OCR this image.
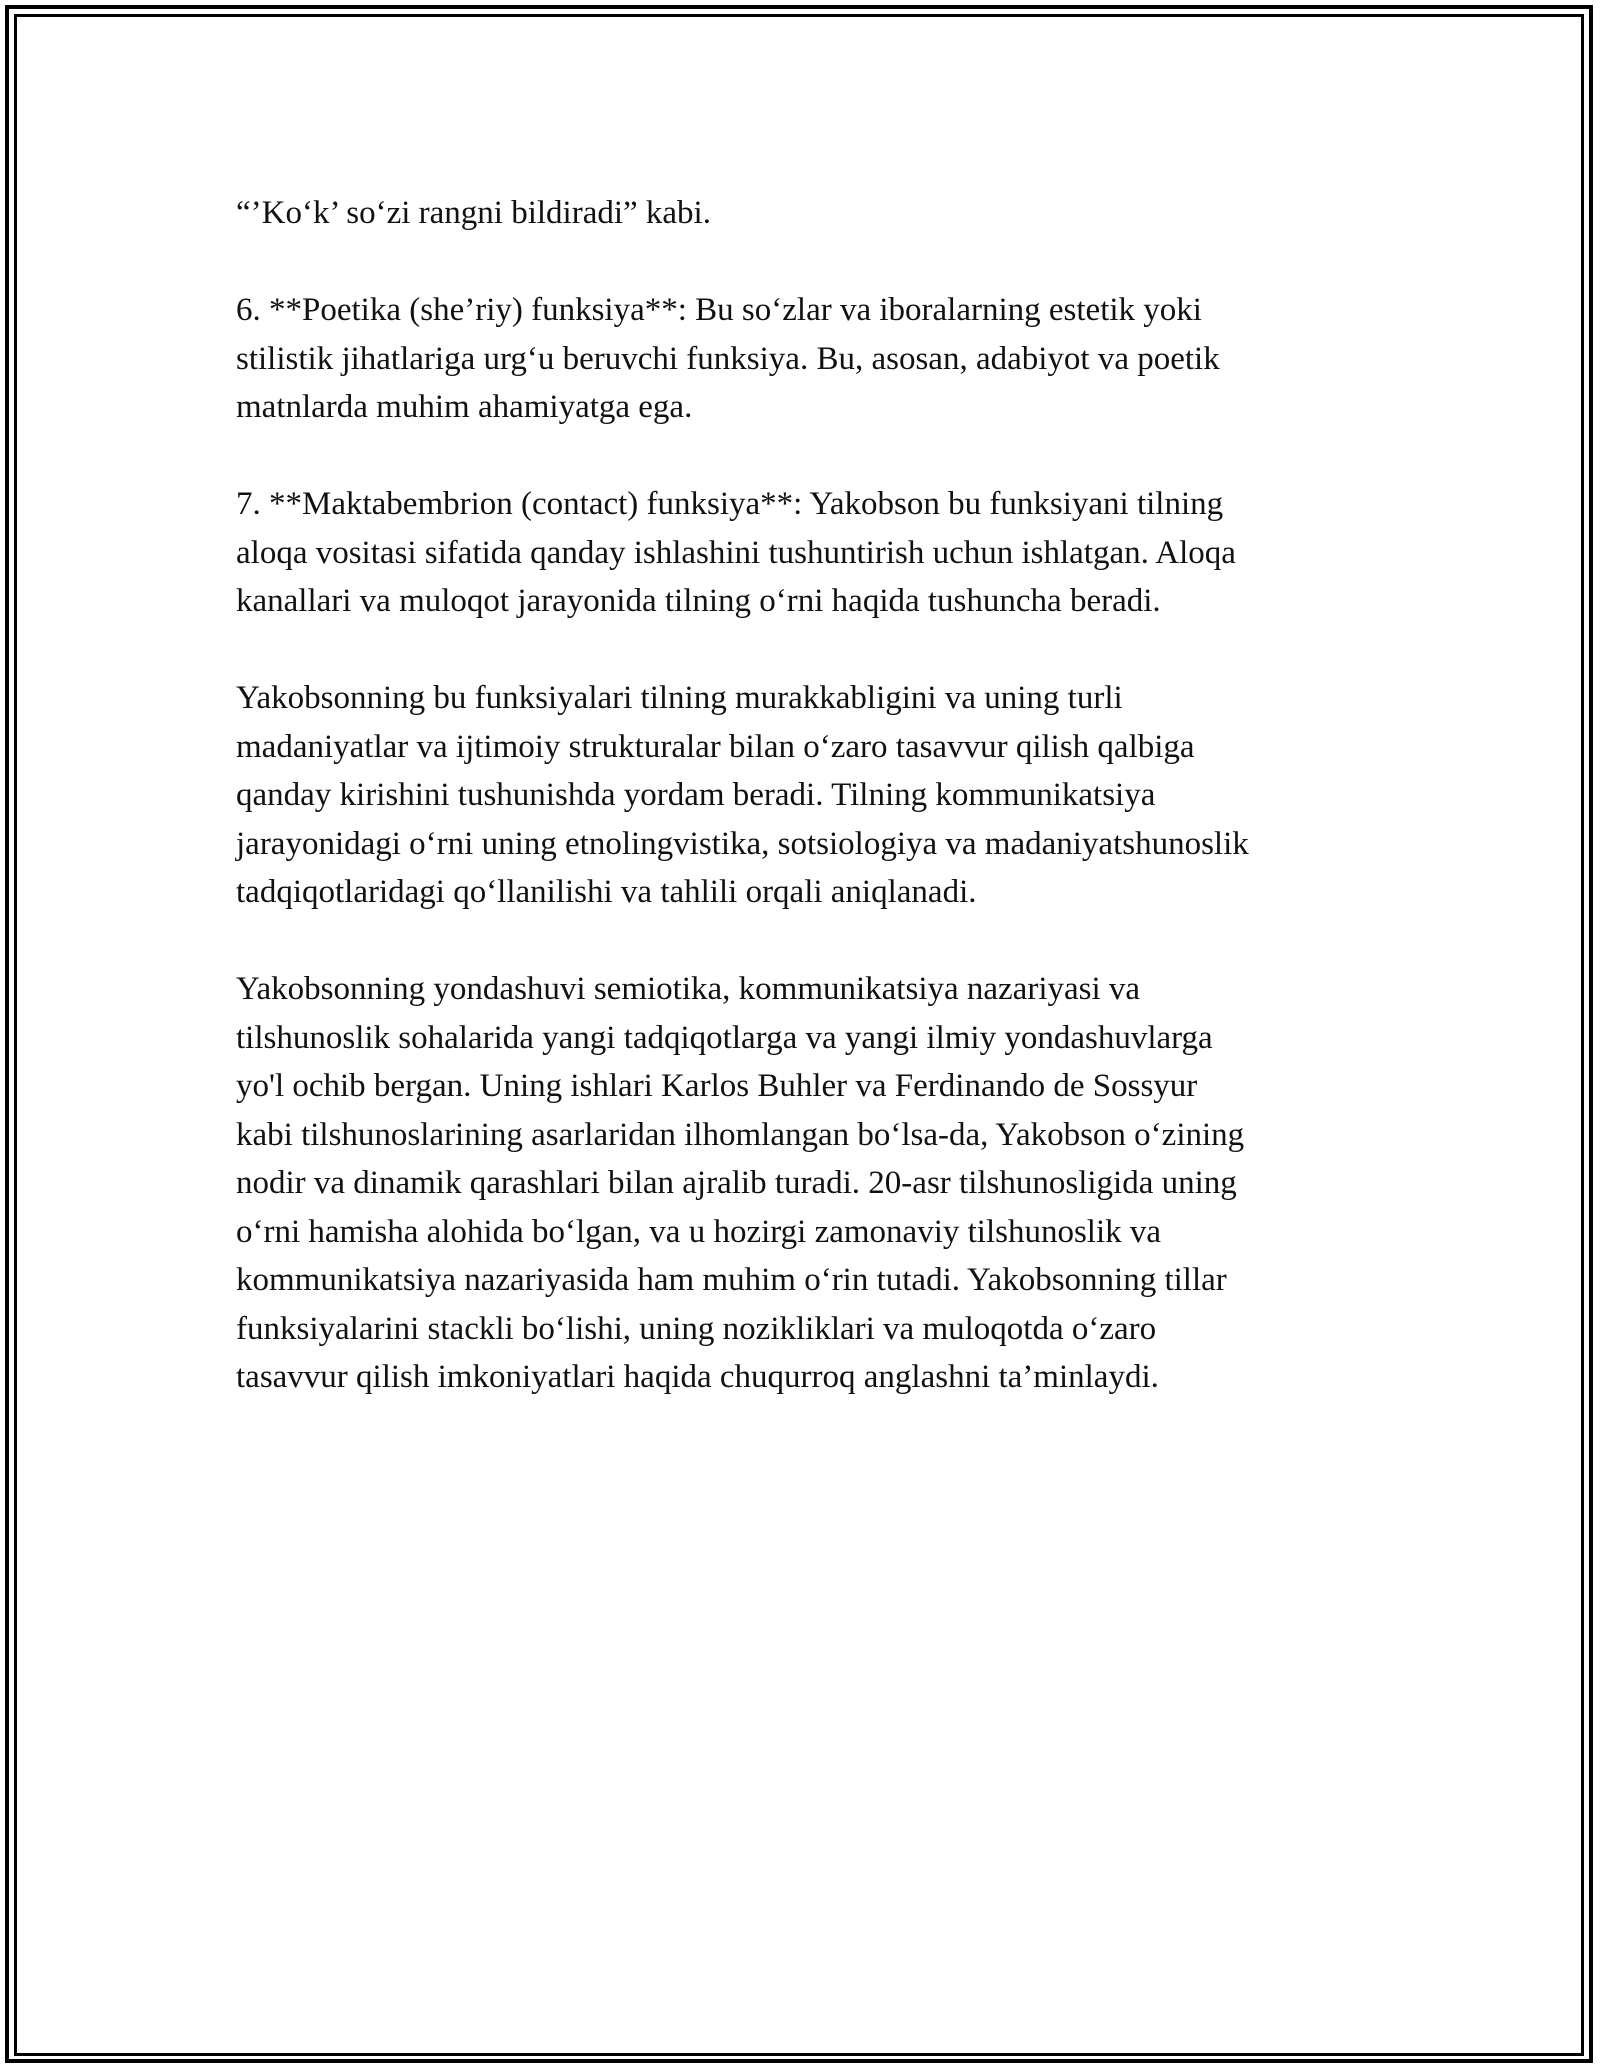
“’Ko‘k’ so‘zi rangni bildiradi” kabi.

6. **Poetika (she’riy) funksiya**: Bu so‘zlar va iboralarning estetik yoki
stilistik jihatlariga urg‘u beruvchi funksiya. Bu, asosan, adabiyot va poetik
matnlarda muhim ahamiyatga ega.

7. **Maktabembrion (contact) funksiya**: Yakobson bu funksiyani tilning
aloqa vositasi sifatida qanday ishlashini tushuntirish uchun ishlatgan. Aloqa
kanallari va muloqot jarayonida tilning o‘rni haqida tushuncha beradi.

Yakobsonning bu funksiyalari tilning murakkabligini va uning turli
madaniyatlar va ijtimoiy strukturalar bilan o‘zaro tasavvur qilish qalbiga
qanday kirishini tushunishda yordam beradi. Tilning kommunikatsiya
jarayonidagi o‘rni uning etnolingvistika, sotsiologiya va madaniyatshunoslik
tadqiqotlaridagi qo‘llanilishi va tahlili orqali aniqlanadi.

Yakobsonning yondashuvi semiotika, kommunikatsiya nazariyasi va
tilshunoslik sohalarida yangi tadqiqotlarga va yangi ilmiy yondashuvlarga
yo'l ochib bergan. Uning ishlari Karlos Buhler va Ferdinando de Sossyur
kabi tilshunoslarining asarlaridan ilhomlangan bo‘lsa-da, Yakobson o‘zining
nodir va dinamik qarashlari bilan ajralib turadi. 20-asr tilshunosligida uning
o‘rni hamisha alohida bo‘lgan, va u hozirgi zamonaviy tilshunoslik va
kommunikatsiya nazariyasida ham muhim o‘rin tutadi. Yakobsonning tillar
funksiyalarini stackli bo‘lishi, uning nozikliklari va muloqotda o‘zaro
tasavvur qilish imkoniyatlari haqida chuqurroq anglashni ta’minlaydi.
